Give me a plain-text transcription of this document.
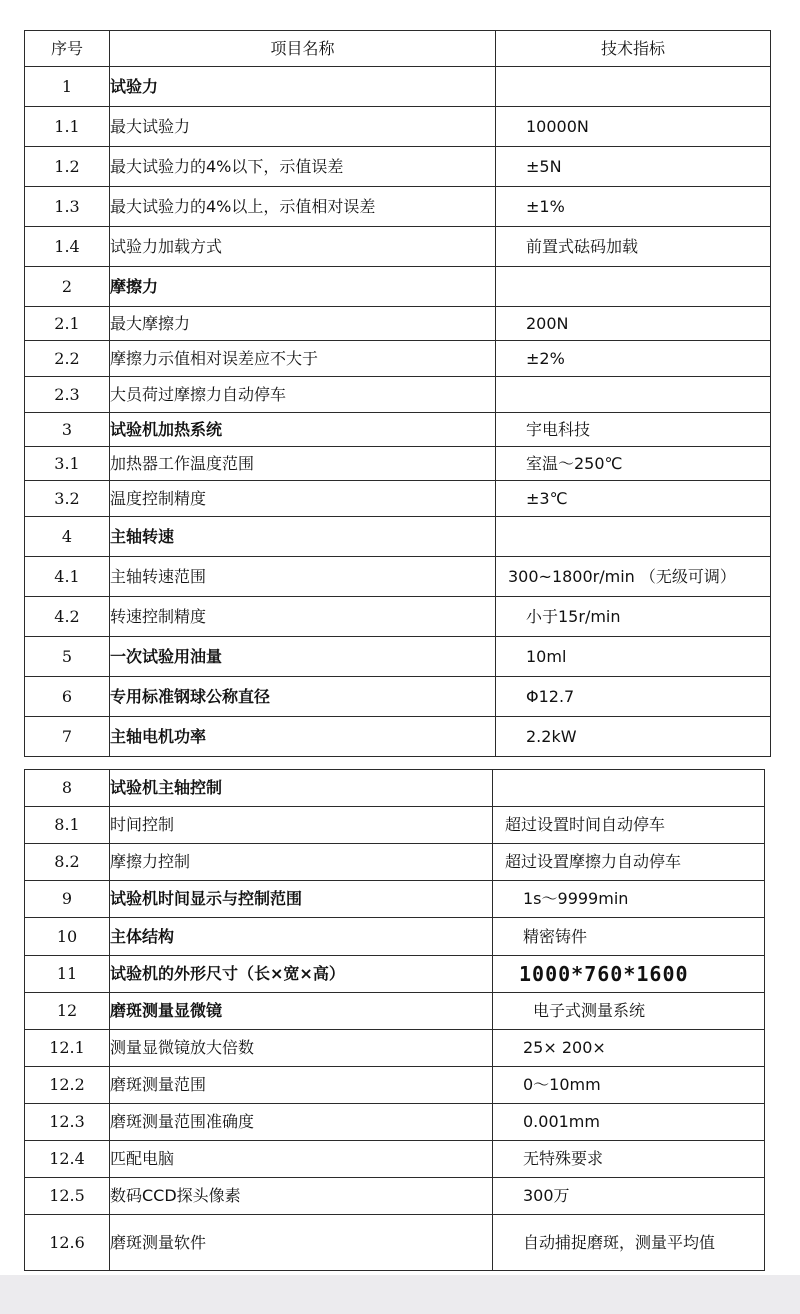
序号	项目名称	技术指标
1	试验力	
1.1	最大试验力	10000N
1.2	最大试验力的4%以下，示值误差	±5N
1.3	最大试验力的4%以上，示值相对误差	±1%
1.4	试验力加载方式	前置式砝码加载
2	摩擦力	
2.1	最大摩擦力	200N
2.2	摩擦力示值相对误差应不大于	±2%
2.3	大员荷过摩擦力自动停车	
3	试验机加热系统	宇电科技
3.1	加热器工作温度范围	室温～250℃
3.2	温度控制精度	±3℃
4	主轴转速	
4.1	主轴转速范围	300~1800r/min （无级可调）
4.2	转速控制精度	小于15r/min
5	一次试验用油量	10ml
6	专用标准钢球公称直径	Φ12.7
7	主轴电机功率	2.2kW
8	试验机主轴控制	
8.1	时间控制	超过设置时间自动停车
8.2	摩擦力控制	超过设置摩擦力自动停车
9	试验机时间显示与控制范围	1s～9999min
10	主体结构	精密铸件
11	试验机的外形尺寸（长×宽×高）	1000*760*1600
12	磨斑测量显微镜	电子式测量系统
12.1	测量显微镜放大倍数	25× 200×
12.2	磨斑测量范围	0～10mm
12.3	磨斑测量范围准确度	0.001mm
12.4	匹配电脑	无特殊要求
12.5	数码CCD探头像素	300万
12.6	磨斑测量软件	自动捕捉磨斑，测量平均值
